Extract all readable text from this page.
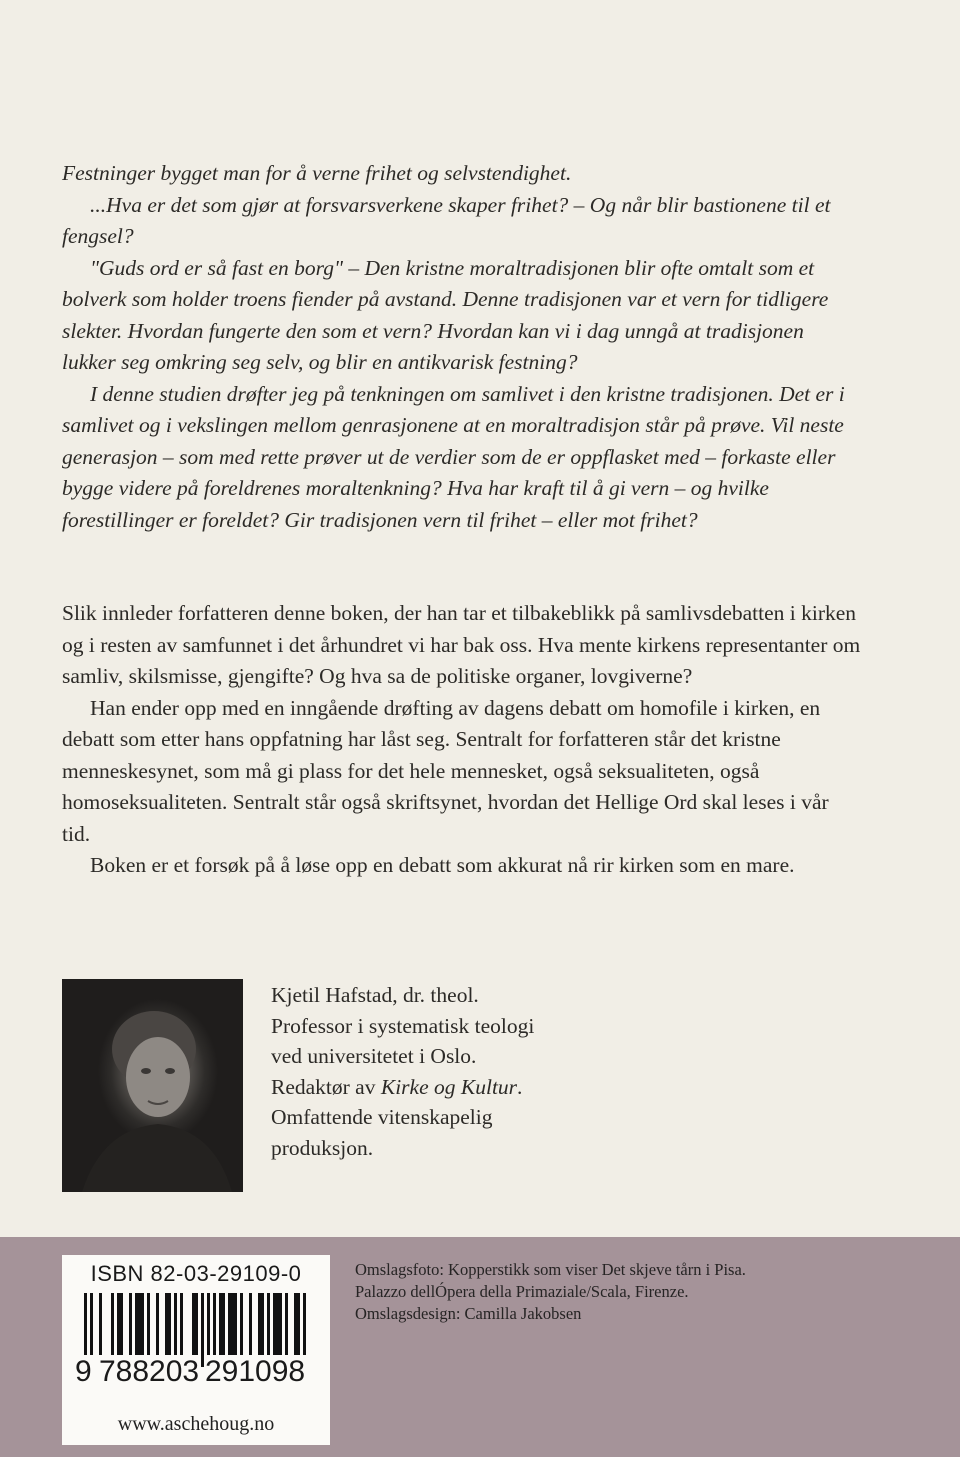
Festninger bygget man for å verne frihet og selvstendighet.

...Hva er det som gjør at forsvarsverkene skaper frihet? – Og når blir bastionene til et fengsel?

"Guds ord er så fast en borg" – Den kristne moraltradisjonen blir ofte omtalt som et bolverk som holder troens fiender på avstand. Denne tradisjonen var et vern for tidligere slekter. Hvordan fungerte den som et vern? Hvordan kan vi i dag unngå at tradisjonen lukker seg omkring seg selv, og blir en antikvarisk festning?

I denne studien drøfter jeg på tenkningen om samlivet i den kristne tradisjonen. Det er i samlivet og i vekslingen mellom genrasjonene at en moraltradisjon står på prøve. Vil neste generasjon – som med rette prøver ut de verdier som de er oppflasket med – forkaste eller bygge videre på foreldrenes moraltenkning? Hva har kraft til å gi vern – og hvilke forestillinger er foreldet? Gir tradisjonen vern til frihet – eller mot frihet?

Slik innleder forfatteren denne boken, der han tar et tilbakeblikk på samlivsdebatten i kirken og i resten av samfunnet i det århundret vi har bak oss. Hva mente kirkens representanter om samliv, skilsmisse, gjengifte? Og hva sa de politiske organer, lovgiverne?

Han ender opp med en inngående drøfting av dagens debatt om homofile i kirken, en debatt som etter hans oppfatning har låst seg. Sentralt for forfatteren står det kristne menneskesynet, som må gi plass for det hele mennesket, også seksualiteten, også homoseksualiteten. Sentralt står også skriftsynet, hvordan det Hellige Ord skal leses i vår tid.

Boken er et forsøk på å løse opp en debatt som akkurat nå rir kirken som en mare.

Kjetil Hafstad, dr. theol.
Professor i systematisk teologi
ved universitetet i Oslo.
Redaktør av Kirke og Kultur.
Omfattende vitenskapelig
produksjon.
ISBN 82-03-29109-0
9 788203 291098
www.aschehoug.no
Omslagsfoto: Kopperstikk som viser Det skjeve tårn i Pisa.
Palazzo dellÓpera della Primaziale/Scala, Firenze.
Omslagsdesign: Camilla Jakobsen
